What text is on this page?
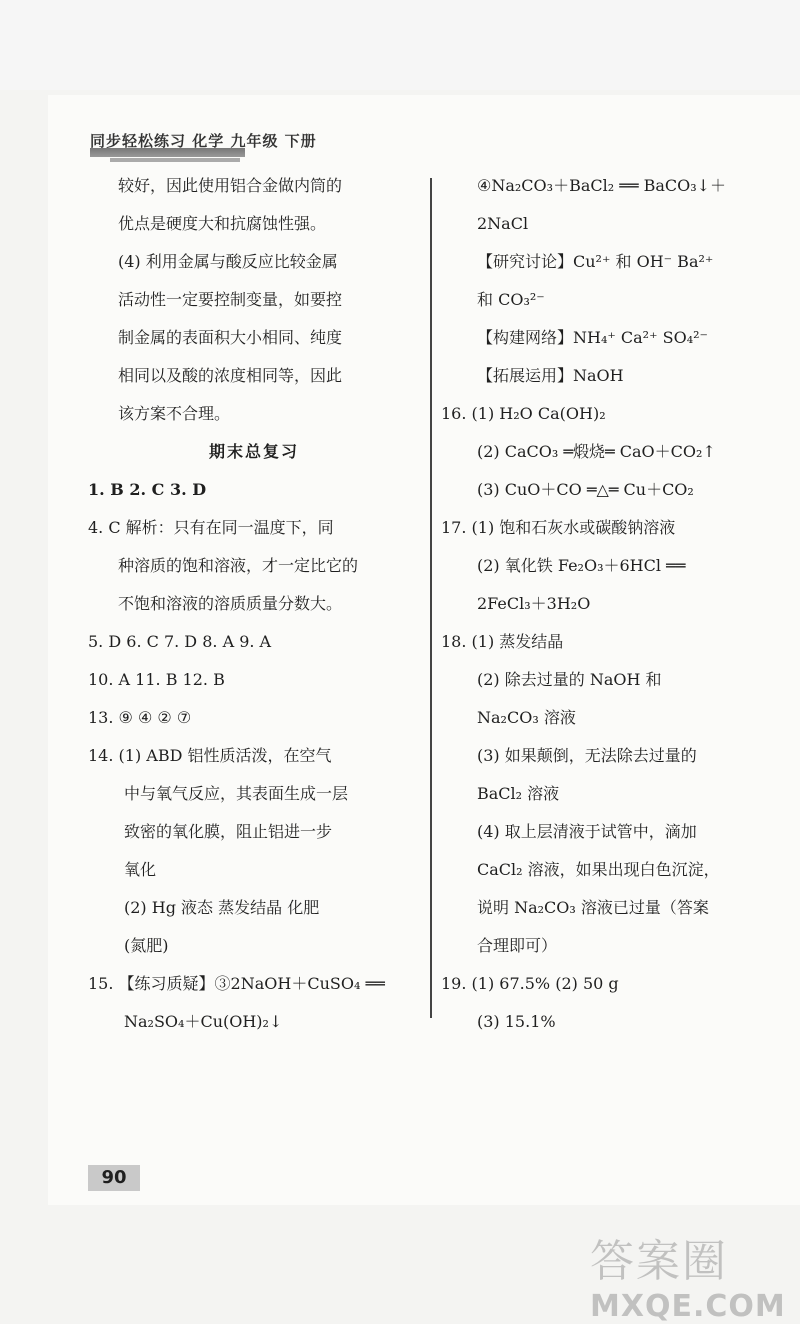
同步轻松练习 化学 九年级 下册
较好，因此使用铝合金做内筒的
优点是硬度大和抗腐蚀性强。
(4) 利用金属与酸反应比较金属
活动性一定要控制变量，如要控
制金属的表面积大小相同、纯度
相同以及酸的浓度相同等，因此
该方案不合理。
期末总复习
1. B 2. C 3. D
4. C 解析：只有在同一温度下，同
种溶质的饱和溶液，才一定比它的
不饱和溶液的溶质质量分数大。
5. D 6. C 7. D 8. A 9. A
10. A 11. B 12. B
13. ⑨ ④ ② ⑦
14. (1) ABD 铝性质活泼，在空气
中与氧气反应，其表面生成一层
致密的氧化膜，阻止铝进一步
氧化
(2) Hg 液态 蒸发结晶 化肥
(氮肥)
15. 【练习质疑】③2NaOH＋CuSO₄ ══
Na₂SO₄＋Cu(OH)₂↓
④Na₂CO₃＋BaCl₂ ══ BaCO₃↓＋
2NaCl
【研究讨论】Cu²⁺ 和 OH⁻ Ba²⁺
和 CO₃²⁻
【构建网络】NH₄⁺ Ca²⁺ SO₄²⁻
【拓展运用】NaOH
16. (1) H₂O Ca(OH)₂
(2) CaCO₃ ═煅烧═ CaO＋CO₂↑
(3) CuO＋CO ═△═ Cu＋CO₂
17. (1) 饱和石灰水或碳酸钠溶液
(2) 氧化铁 Fe₂O₃＋6HCl ══
2FeCl₃＋3H₂O
18. (1) 蒸发结晶
(2) 除去过量的 NaOH 和
Na₂CO₃ 溶液
(3) 如果颠倒，无法除去过量的
BaCl₂ 溶液
(4) 取上层清液于试管中，滴加
CaCl₂ 溶液，如果出现白色沉淀，
说明 Na₂CO₃ 溶液已过量（答案
合理即可）
19. (1) 67.5% (2) 50 g
(3) 15.1%
90
答案圈
MXQE.COM
